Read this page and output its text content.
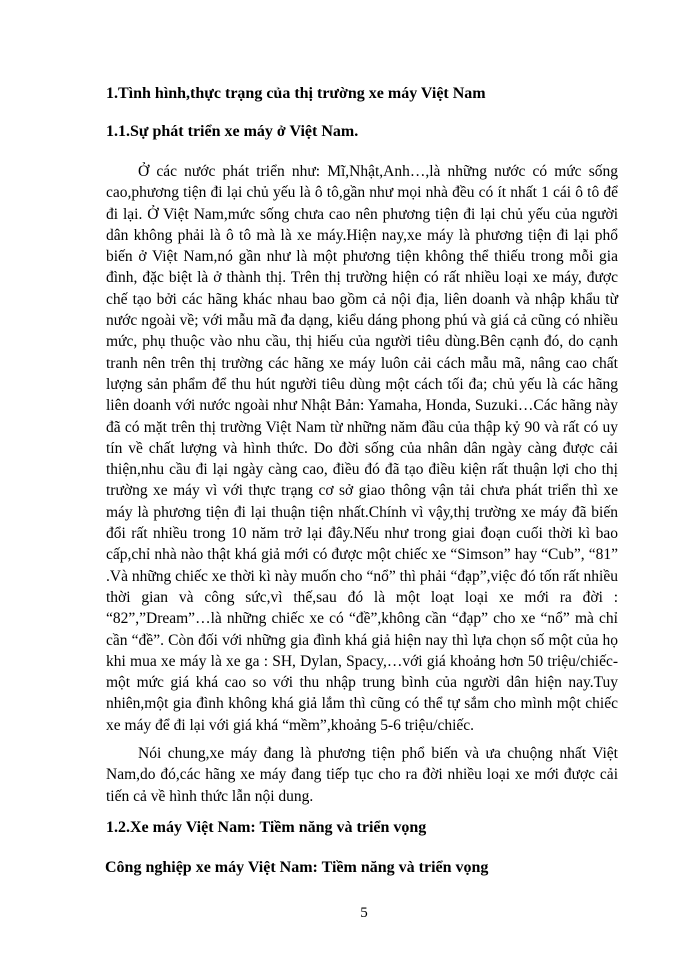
1.Tình hình,thực trạng của thị trường xe máy Việt Nam
1.1.Sự phát triển xe máy ở Việt Nam.

Ở các nước phát triển như: Mĩ,Nhật,Anh…,là những nước có mức sống cao,phương tiện đi lại chủ yếu là ô tô,gần như mọi nhà đều có ít nhất 1 cái ô tô để đi lại. Ở Việt Nam,mức sống chưa cao nên phương tiện đi lại chủ yếu của người dân không phải là ô tô mà là xe máy.Hiện nay,xe máy là phương tiện đi lại phổ biến ở Việt Nam,nó gần như là một phương tiện không thể thiếu trong mỗi gia đình, đặc biệt là ở thành thị. Trên thị trường hiện có rất nhiều loại xe máy, được chế tạo bởi các hãng khác nhau bao gồm cả nội địa, liên doanh và nhập khẩu từ nước ngoài về; với mẫu mã đa dạng, kiểu dáng phong phú và giá cả cũng có nhiều mức, phụ thuộc vào nhu cầu, thị hiếu của người tiêu dùng.Bên cạnh đó, do cạnh tranh nên trên thị trường các hãng xe máy luôn cải cách mẫu mã, nâng cao chất lượng sản phẩm để thu hút người tiêu dùng một cách tối đa; chủ yếu là các hãng liên doanh với nước ngoài như Nhật Bản: Yamaha, Honda, Suzuki…Các hãng này đã có mặt trên thị trường Việt Nam từ những năm đầu của thập kỷ 90 và rất có uy tín về chất lượng và hình thức. Do đời sống của nhân dân ngày càng được cải thiện,nhu cầu đi lại ngày càng cao, điều đó đã tạo điều kiện rất thuận lợi cho thị trường xe máy vì với thực trạng cơ sở giao thông vận tải chưa phát triển thì xe máy là phương tiện đi lại thuận tiện nhất.Chính vì vậy,thị trường xe máy đã biến đổi rất nhiều trong 10 năm trở lại đây.Nếu như trong giai đoạn cuối thời kì bao cấp,chỉ nhà nào thật khá giả mới có được một chiếc xe “Simson” hay “Cub”, “81” .Và những chiếc xe thời kì này muốn cho “nổ” thì phải “đạp”,việc đó tốn rất nhiều thời gian và công sức,vì thế,sau đó là một loạt loại xe mới ra đời : “82”,”Dream”…là những chiếc xe có “đề”,không cần “đạp” cho xe “nổ” mà chỉ cần “đề”. Còn đối với những gia đình khá giả hiện nay thì lựa chọn số một của họ khi mua xe máy là xe ga : SH, Dylan, Spacy,…với giá khoảng hơn 50 triệu/chiếc-một mức giá khá cao so với thu nhập trung bình của người dân hiện nay.Tuy nhiên,một gia đình không khá giả lắm thì cũng có thể tự sắm cho mình một chiếc xe máy để đi lại với giá khá “mềm”,khoảng 5-6 triệu/chiếc.

Nói chung,xe máy đang là phương tiện phổ biến và ưa chuộng nhất Việt Nam,do đó,các hãng xe máy đang tiếp tục cho ra đời nhiều loại xe mới được cải tiến cả về hình thức lẫn nội dung.

1.2.Xe máy Việt Nam: Tiềm năng và triển vọng
Công nghiệp xe máy Việt Nam: Tiềm năng và triển vọng
5
